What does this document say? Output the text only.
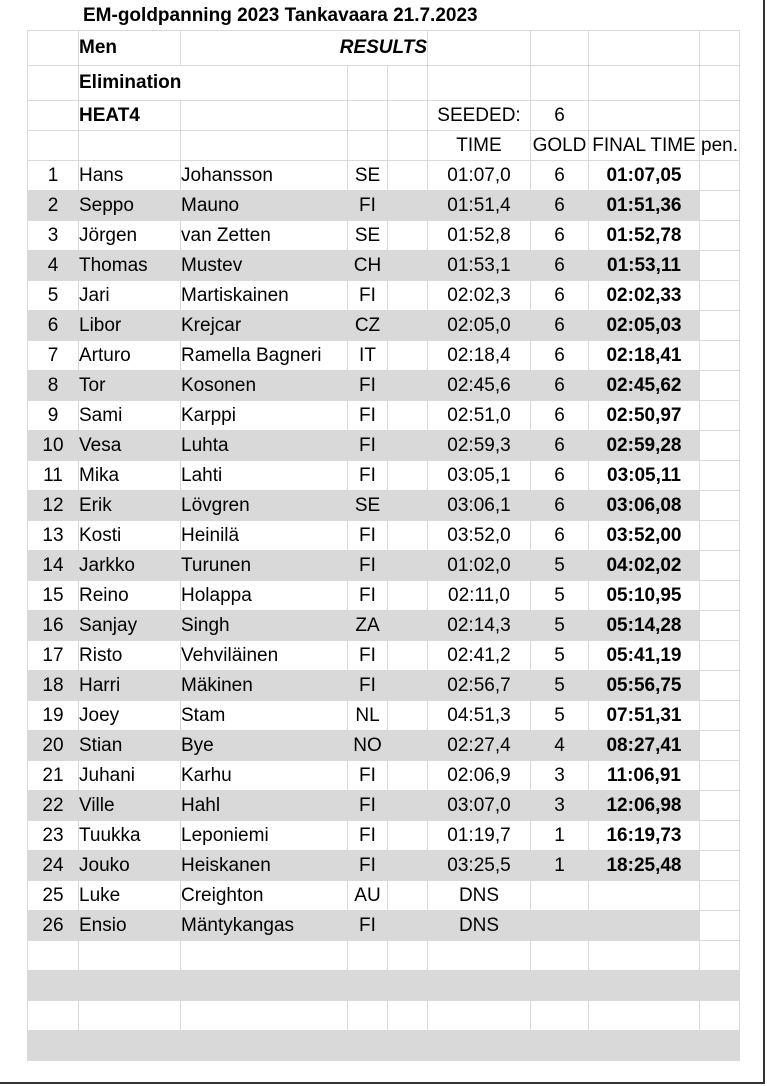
EM-goldpanning 2023 Tankavaara 21.7.2023
	Men	RESULTS						
	Elimination							
	HEAT4				SEEDED:	6		
					TIME	GOLD	FINAL TIME	pen.
1	Hans	Johansson	SE		01:07,0	6	01:07,05	
2	Seppo	Mauno	FI		01:51,4	6	01:51,36	
3	Jörgen	van Zetten	SE		01:52,8	6	01:52,78	
4	Thomas	Mustev	CH		01:53,1	6	01:53,11	
5	Jari	Martiskainen	FI		02:02,3	6	02:02,33	
6	Libor	Krejcar	CZ		02:05,0	6	02:05,03	
7	Arturo	Ramella Bagneri	IT		02:18,4	6	02:18,41	
8	Tor	Kosonen	FI		02:45,6	6	02:45,62	
9	Sami	Karppi	FI		02:51,0	6	02:50,97	
10	Vesa	Luhta	FI		02:59,3	6	02:59,28	
11	Mika	Lahti	FI		03:05,1	6	03:05,11	
12	Erik	Lövgren	SE		03:06,1	6	03:06,08	
13	Kosti	Heinilä	FI		03:52,0	6	03:52,00	
14	Jarkko	Turunen	FI		01:02,0	5	04:02,02	
15	Reino	Holappa	FI		02:11,0	5	05:10,95	
16	Sanjay	Singh	ZA		02:14,3	5	05:14,28	
17	Risto	Vehviläinen	FI		02:41,2	5	05:41,19	
18	Harri	Mäkinen	FI		02:56,7	5	05:56,75	
19	Joey	Stam	NL		04:51,3	5	07:51,31	
20	Stian	Bye	NO		02:27,4	4	08:27,41	
21	Juhani	Karhu	FI		02:06,9	3	11:06,91	
22	Ville	Hahl	FI		03:07,0	3	12:06,98	
23	Tuukka	Leponiemi	FI		01:19,7	1	16:19,73	
24	Jouko	Heiskanen	FI		03:25,5	1	18:25,48	
25	Luke	Creighton	AU		DNS			
26	Ensio	Mäntykangas	FI		DNS			
